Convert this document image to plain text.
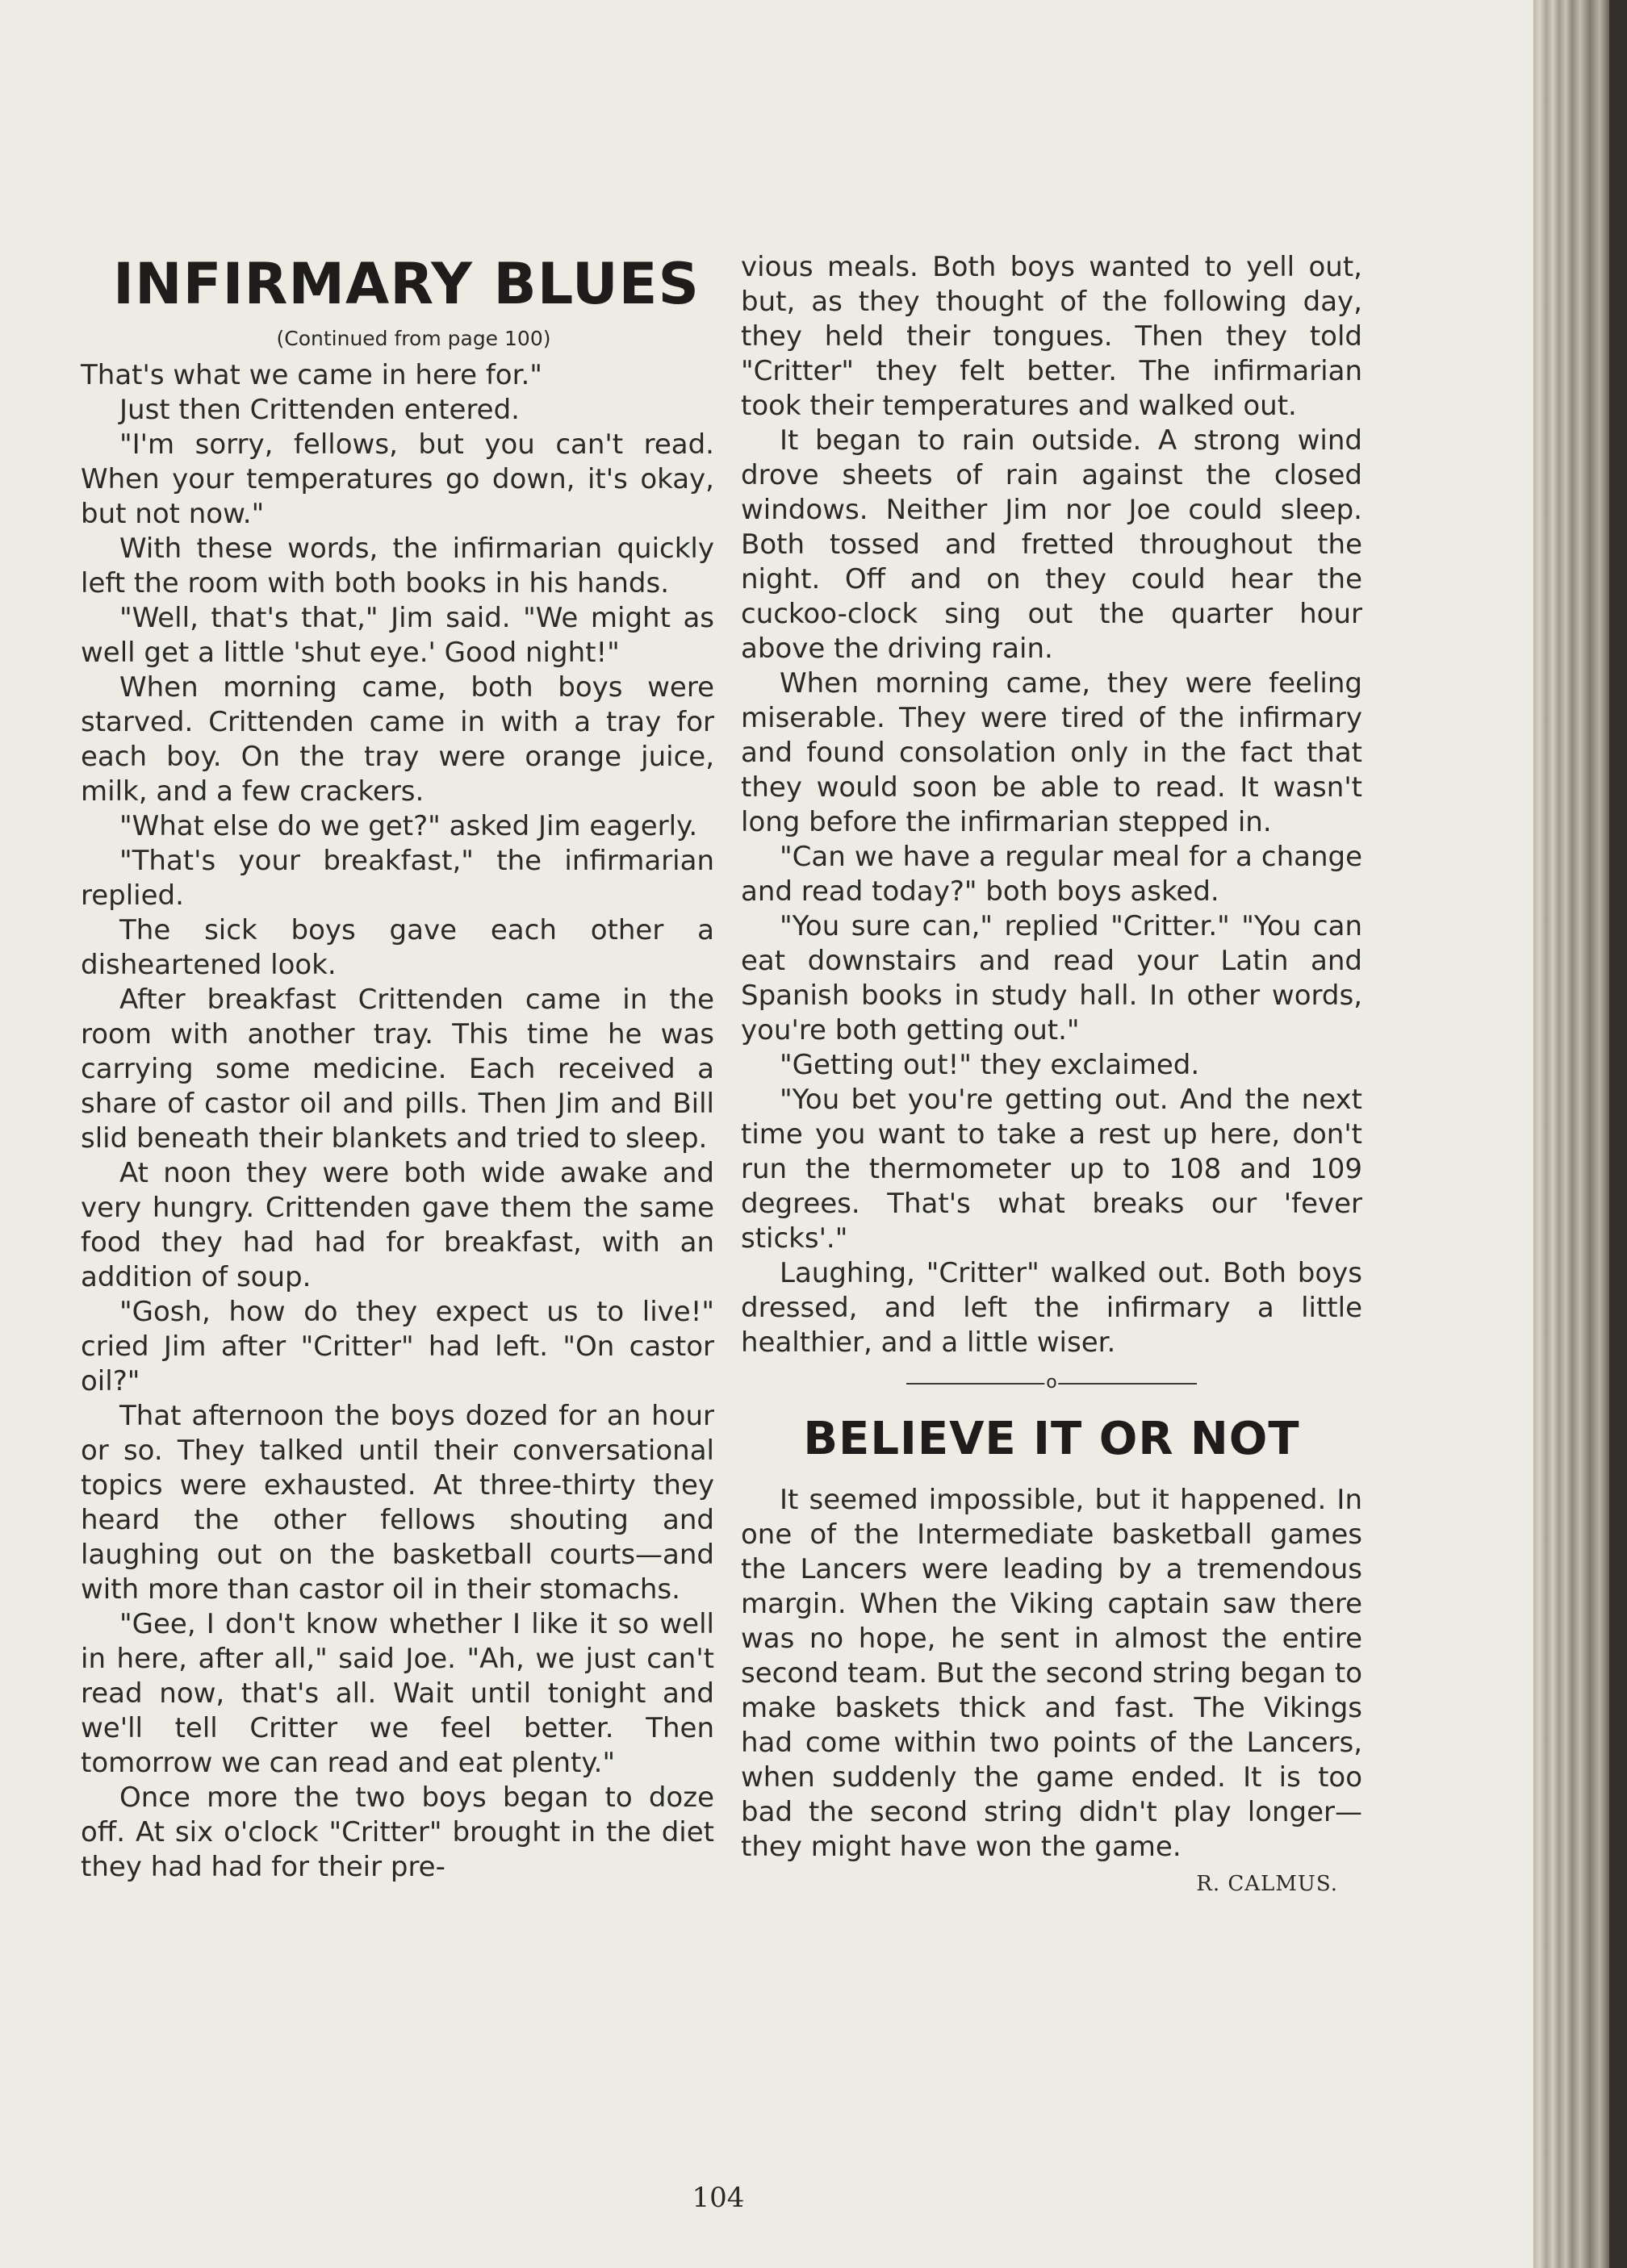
INFIRMARY BLUES
(Continued from page 100)

That's what we came in here for."

Just then Crittenden entered.

"I'm sorry, fellows, but you can't read. When your temperatures go down, it's okay, but not now."

With these words, the infirmarian quickly left the room with both books in his hands.

"Well, that's that," Jim said. "We might as well get a little 'shut eye.' Good night!"

When morning came, both boys were starved. Crittenden came in with a tray for each boy. On the tray were orange juice, milk, and a few crackers.

"What else do we get?" asked Jim eagerly.

"That's your breakfast," the infirmarian replied.

The sick boys gave each other a disheartened look.

After breakfast Crittenden came in the room with another tray. This time he was carrying some medicine. Each received a share of castor oil and pills. Then Jim and Bill slid beneath their blankets and tried to sleep.

At noon they were both wide awake and very hungry. Crittenden gave them the same food they had had for breakfast, with an addition of soup.

"Gosh, how do they expect us to live!" cried Jim after "Critter" had left. "On castor oil?"

That afternoon the boys dozed for an hour or so. They talked until their conversational topics were exhausted. At three-thirty they heard the other fellows shouting and laughing out on the basketball courts—and with more than castor oil in their stomachs.

"Gee, I don't know whether I like it so well in here, after all," said Joe. "Ah, we just can't read now, that's all. Wait until tonight and we'll tell Critter we feel better. Then tomorrow we can read and eat plenty."

Once more the two boys began to doze off. At six o'clock "Critter" brought in the diet they had had for their pre-

vious meals. Both boys wanted to yell out, but, as they thought of the following day, they held their tongues. Then they told "Critter" they felt better. The infirmarian took their temperatures and walked out.

It began to rain outside. A strong wind drove sheets of rain against the closed windows. Neither Jim nor Joe could sleep. Both tossed and fretted throughout the night. Off and on they could hear the cuckoo-clock sing out the quarter hour above the driving rain.

When morning came, they were feeling miserable. They were tired of the infirmary and found consolation only in the fact that they would soon be able to read. It wasn't long before the infirmarian stepped in.

"Can we have a regular meal for a change and read today?" both boys asked.

"You sure can," replied "Critter." "You can eat downstairs and read your Latin and Spanish books in study hall. In other words, you're both getting out."

"Getting out!" they exclaimed.

"You bet you're getting out. And the next time you want to take a rest up here, don't run the thermometer up to 108 and 109 degrees. That's what breaks our 'fever sticks'."

Laughing, "Critter" walked out. Both boys dressed, and left the infirmary a little healthier, and a little wiser.

o
BELIEVE IT OR NOT

It seemed impossible, but it happened. In one of the Intermediate basketball games the Lancers were leading by a tremendous margin. When the Viking captain saw there was no hope, he sent in almost the entire second team. But the second string began to make baskets thick and fast. The Vikings had come within two points of the Lancers, when suddenly the game ended. It is too bad the second string didn't play longer—they might have won the game.

R. CALMUS.
104
